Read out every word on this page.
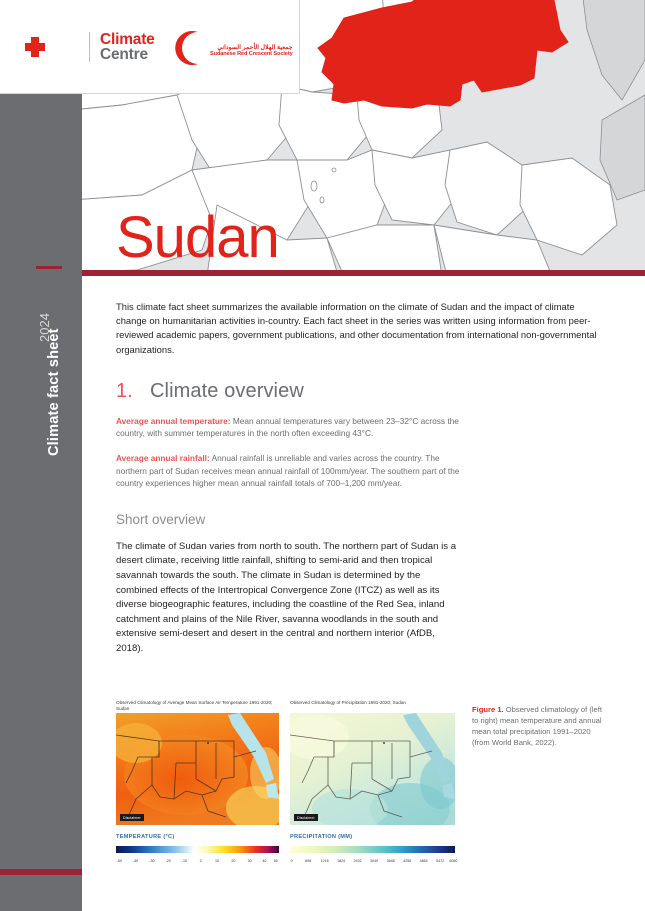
Climate fact sheet
2024
Sudan
Climate
Centre	جمعية الهلال الأحمر السوداني
Sudanese Red Crescent Society
This climate fact sheet summarizes the available information on the climate of Sudan and the impact of climate change on humanitarian activities in-country. Each fact sheet in the series was written using information from peer-reviewed academic papers, government publications, and other documentation from international non-governmental organizations.
1. Climate overview
Average annual temperature: Mean annual temperatures vary between 23–32°C across the country, with summer temperatures in the north often exceeding 43°C.
Average annual rainfall: Annual rainfall is unreliable and varies across the country. The northern part of Sudan receives mean annual rainfall of 100mm/year. The southern part of the country experiences higher mean annual rainfall totals of 700–1,200 mm/year.
Short overview
The climate of Sudan varies from north to south. The northern part of Sudan is a desert climate, receiving little rainfall, shifting to semi-arid and then tropical savannah towards the south. The climate in Sudan is determined by the combined effects of the Intertropical Convergence Zone (ITCZ) as well as its diverse biogeographic features, including the coastline of the Red Sea, inland catchment and plains of the Nile River, savanna woodlands in the south and extensive semi-desert and desert in the central and northern interior (AfDB, 2018).
Observed Climatology of Average Mean Surface Air Temperature 1991-2020; Sudan
Disclaimer
TEMPERATURE (°C)
-50	-40	-30	-20	-10	0	10	20	30	40 50
Observed Climatology of Precipitation 1991-2020; Sudan
Disclaimer
PRECIPITATION (MM)
0	608	1216 1824 2432 3040 3648 4256 4864 5472 6080
Figure 1. Observed climatology of (left to right) mean temperature and annual mean total precipitation 1991–2020 (from World Bank, 2022).
